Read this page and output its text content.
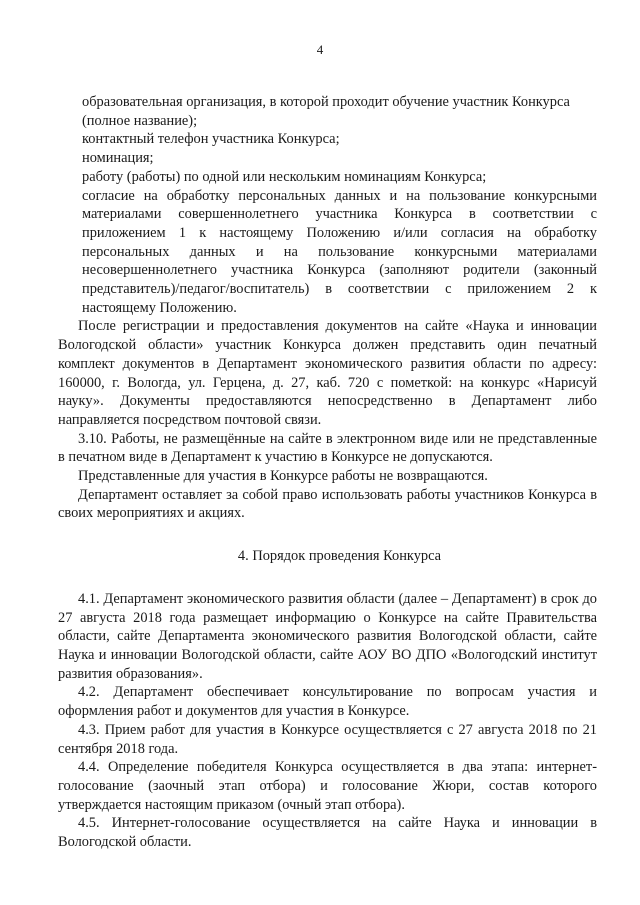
4

образовательная организация, в которой проходит обучение участник Конкурса

(полное название);

контактный телефон участника Конкурса;

номинация;

работу (работы) по одной или нескольким номинациям Конкурса;

согласие на обработку персональных данных и на пользование конкурсными материалами совершеннолетнего участника Конкурса в соответствии с приложением 1 к настоящему Положению и/или согласия на обработку персональных данных и на пользование конкурсными материалами несовершеннолетнего участника Конкурса (заполняют родители (законный представитель)/педагог/воспитатель) в соответствии с приложением 2 к настоящему Положению.

После регистрации и предоставления документов на сайте «Наука и инновации Вологодской области» участник Конкурса должен представить один печатный комплект документов в Департамент экономического развития области по адресу: 160000, г. Вологда, ул. Герцена, д. 27, каб. 720 с пометкой: на конкурс «Нарисуй науку». Документы предоставляются непосредственно в Департамент либо направляется посредством почтовой связи.

3.10. Работы, не размещённые на сайте в электронном виде или не представленные в печатном виде в Департамент к участию в Конкурсе не допускаются.

Представленные для участия в Конкурсе работы не возвращаются.

Департамент оставляет за собой право использовать работы участников Конкурса в своих мероприятиях и акциях.

4. Порядок проведения Конкурса

4.1. Департамент экономического развития области (далее – Департамент) в срок до 27 августа 2018 года размещает информацию о Конкурсе на сайте Правительства области, сайте Департамента экономического развития Вологодской области, сайте Наука и инновации Вологодской области, сайте АОУ ВО ДПО «Вологодский институт развития образования».

4.2. Департамент обеспечивает консультирование по вопросам участия и оформления работ и документов для участия в Конкурсе.

4.3. Прием работ для участия в Конкурсе осуществляется с 27 августа 2018 по 21 сентября 2018 года.

4.4. Определение победителя Конкурса осуществляется в два этапа: интернет-голосование (заочный этап отбора) и голосование Жюри, состав которого утверждается настоящим приказом (очный этап отбора).

4.5. Интернет-голосование осуществляется на сайте Наука и инновации в Вологодской области.
